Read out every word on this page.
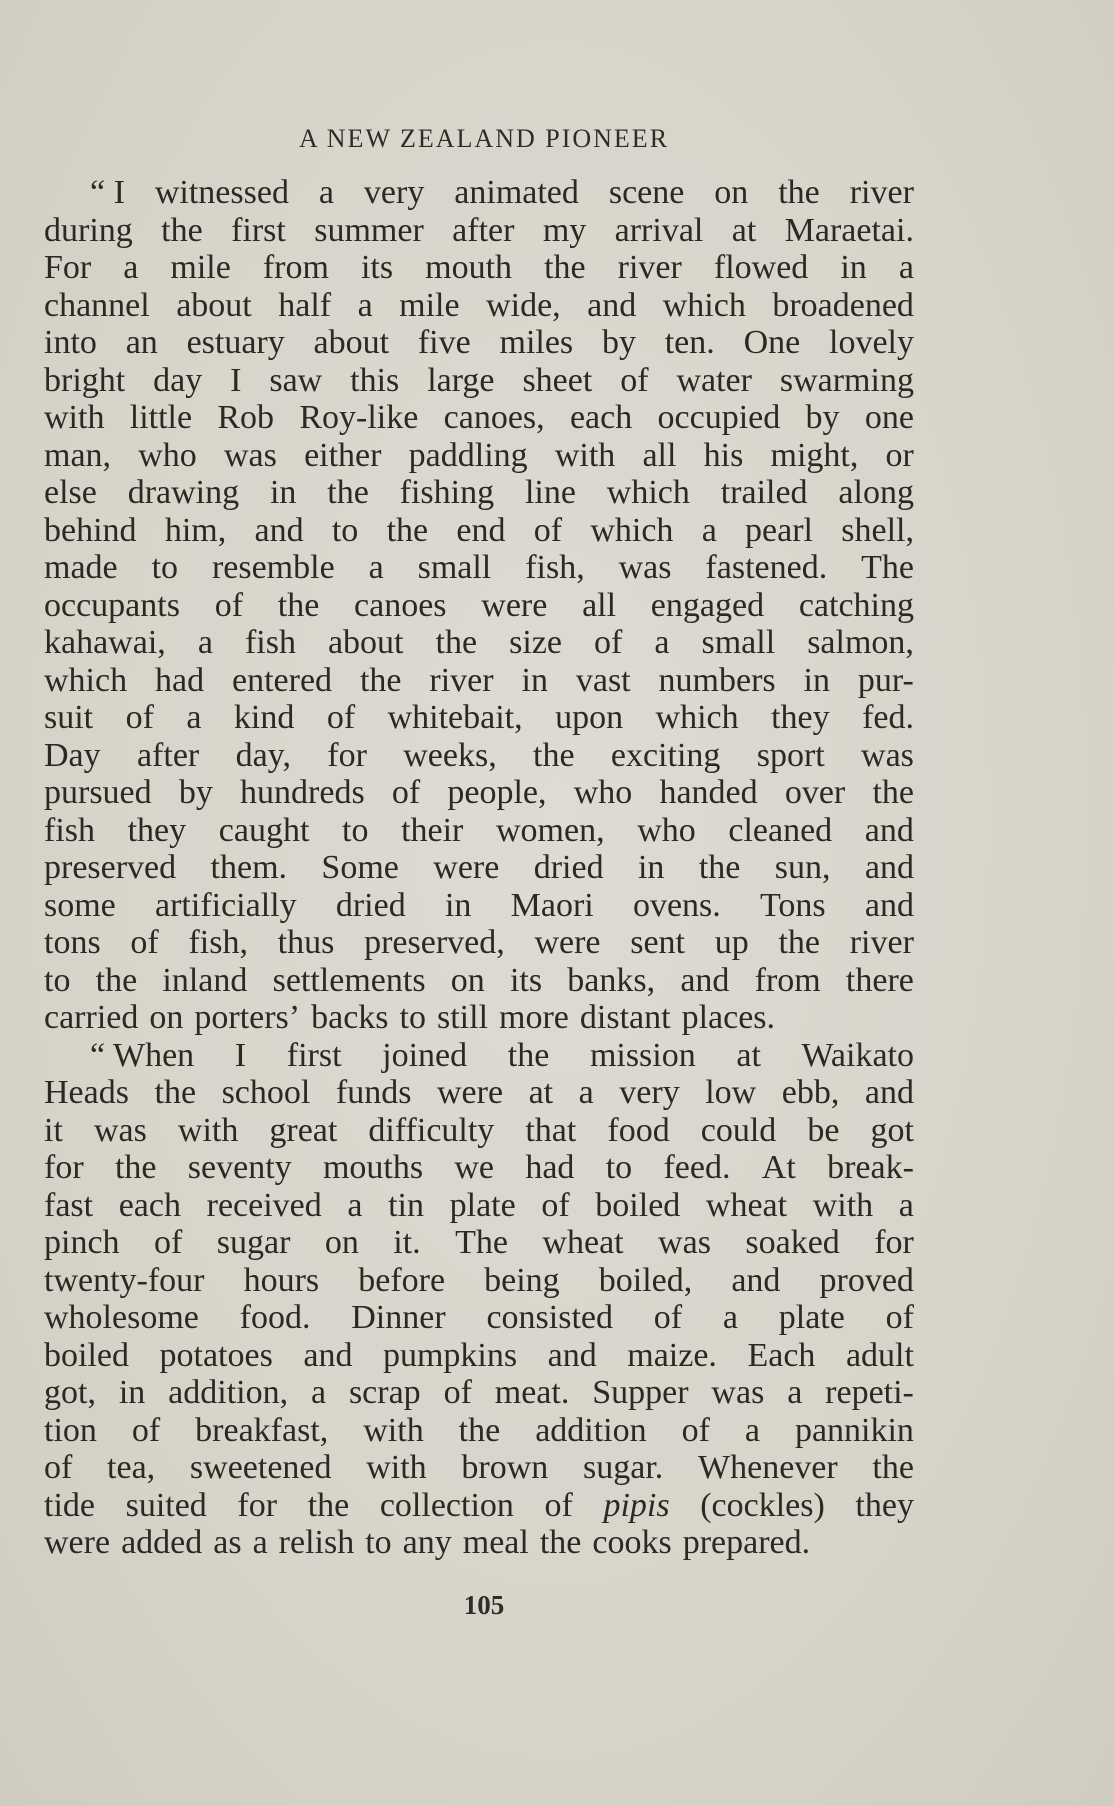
A NEW ZEALAND PIONEER
“ I witnessed a very animated scene on the river
during the first summer after my arrival at Maraetai.
For a mile from its mouth the river flowed in a
channel about half a mile wide, and which broadened
into an estuary about five miles by ten. One lovely
bright day I saw this large sheet of water swarming
with little Rob Roy-like canoes, each occupied by one
man, who was either paddling with all his might, or
else drawing in the fishing line which trailed along
behind him, and to the end of which a pearl shell,
made to resemble a small fish, was fastened. The
occupants of the canoes were all engaged catching
kahawai, a fish about the size of a small salmon,
which had entered the river in vast numbers in pur-
suit of a kind of whitebait, upon which they fed.
Day after day, for weeks, the exciting sport was
pursued by hundreds of people, who handed over the
fish they caught to their women, who cleaned and
preserved them. Some were dried in the sun, and
some artificially dried in Maori ovens. Tons and
tons of fish, thus preserved, were sent up the river
to the inland settlements on its banks, and from there
carried on porters’ backs to still more distant places.
“ When I first joined the mission at Waikato
Heads the school funds were at a very low ebb, and
it was with great difficulty that food could be got
for the seventy mouths we had to feed. At break-
fast each received a tin plate of boiled wheat with a
pinch of sugar on it. The wheat was soaked for
twenty-four hours before being boiled, and proved
wholesome food. Dinner consisted of a plate of
boiled potatoes and pumpkins and maize. Each adult
got, in addition, a scrap of meat. Supper was a repeti-
tion of breakfast, with the addition of a pannikin
of tea, sweetened with brown sugar. Whenever the
tide suited for the collection of pipis (cockles) they
were added as a relish to any meal the cooks prepared.
105
